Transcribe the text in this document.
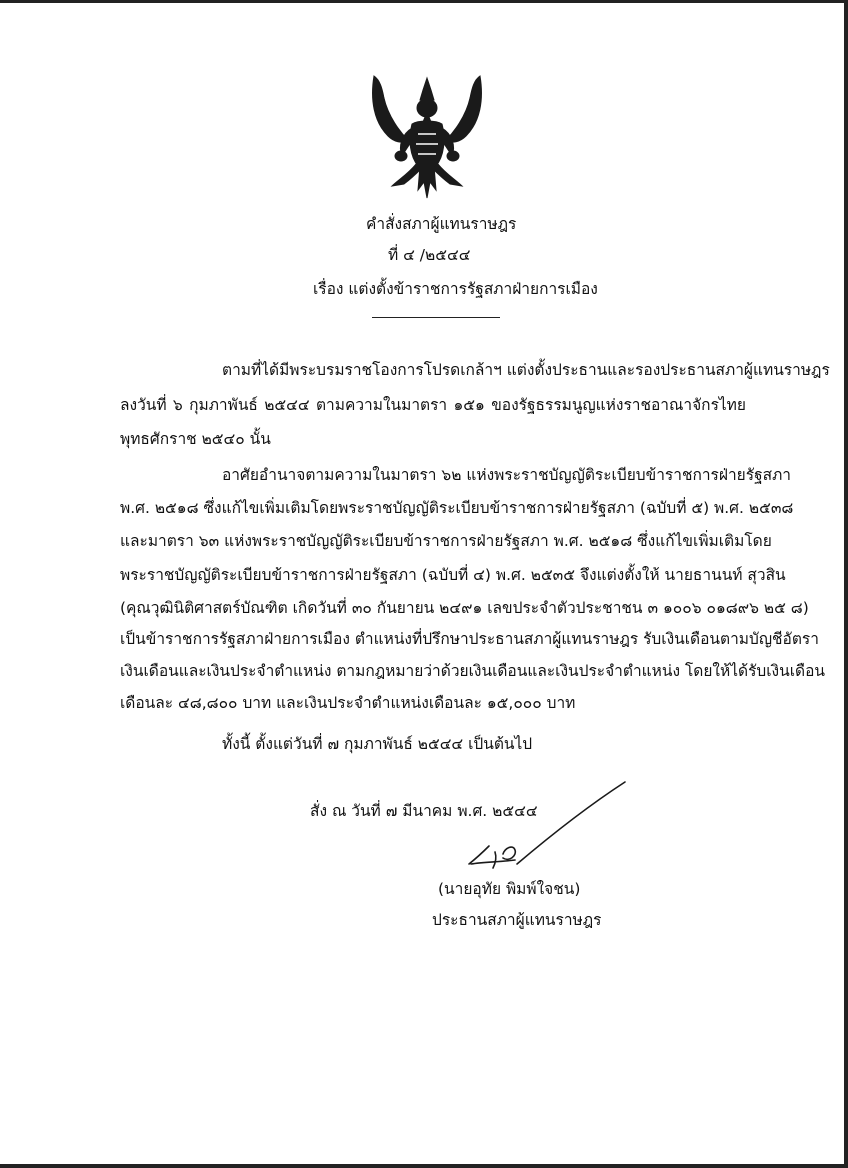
คำสั่งสภาผู้แทนราษฎร
ที่ ๔ /๒๕๔๔
เรื่อง แต่งตั้งข้าราชการรัฐสภาฝ่ายการเมือง
ตามที่ได้มีพระบรมราชโองการโปรดเกล้าฯ แต่งตั้งประธานและรองประธานสภาผู้แทนราษฎร
ลงวันที่ ๖ กุมภาพันธ์ ๒๕๔๔ ตามความในมาตรา ๑๕๑ ของรัฐธรรมนูญแห่งราชอาณาจักรไทย
พุทธศักราช ๒๕๔๐ นั้น
อาศัยอำนาจตามความในมาตรา ๖๒ แห่งพระราชบัญญัติระเบียบข้าราชการฝ่ายรัฐสภา
พ.ศ. ๒๕๑๘ ซึ่งแก้ไขเพิ่มเติมโดยพระราชบัญญัติระเบียบข้าราชการฝ่ายรัฐสภา (ฉบับที่ ๕) พ.ศ. ๒๕๓๘
และมาตรา ๖๓ แห่งพระราชบัญญัติระเบียบข้าราชการฝ่ายรัฐสภา พ.ศ. ๒๕๑๘ ซึ่งแก้ไขเพิ่มเติมโดย
พระราชบัญญัติระเบียบข้าราชการฝ่ายรัฐสภา (ฉบับที่ ๔) พ.ศ. ๒๕๓๕ จึงแต่งตั้งให้ นายธานนท์ สุวสิน
(คุณวุฒินิติศาสตร์บัณฑิต เกิดวันที่ ๓๐ กันยายน ๒๔๙๑ เลขประจำตัวประชาชน ๓ ๑๐๐๖ ๐๑๘๙๖ ๒๕ ๘)
เป็นข้าราชการรัฐสภาฝ่ายการเมือง ตำแหน่งที่ปรึกษาประธานสภาผู้แทนราษฎร รับเงินเดือนตามบัญชีอัตรา
เงินเดือนและเงินประจำตำแหน่ง ตามกฎหมายว่าด้วยเงินเดือนและเงินประจำตำแหน่ง โดยให้ได้รับเงินเดือน
เดือนละ ๔๘,๘๐๐ บาท และเงินประจำตำแหน่งเดือนละ ๑๕,๐๐๐ บาท
ทั้งนี้ ตั้งแต่วันที่ ๗ กุมภาพันธ์ ๒๕๔๔ เป็นต้นไป
สั่ง ณ วันที่ ๗ มีนาคม พ.ศ. ๒๕๔๔
(นายอุทัย พิมพ์ใจชน)
ประธานสภาผู้แทนราษฎร
